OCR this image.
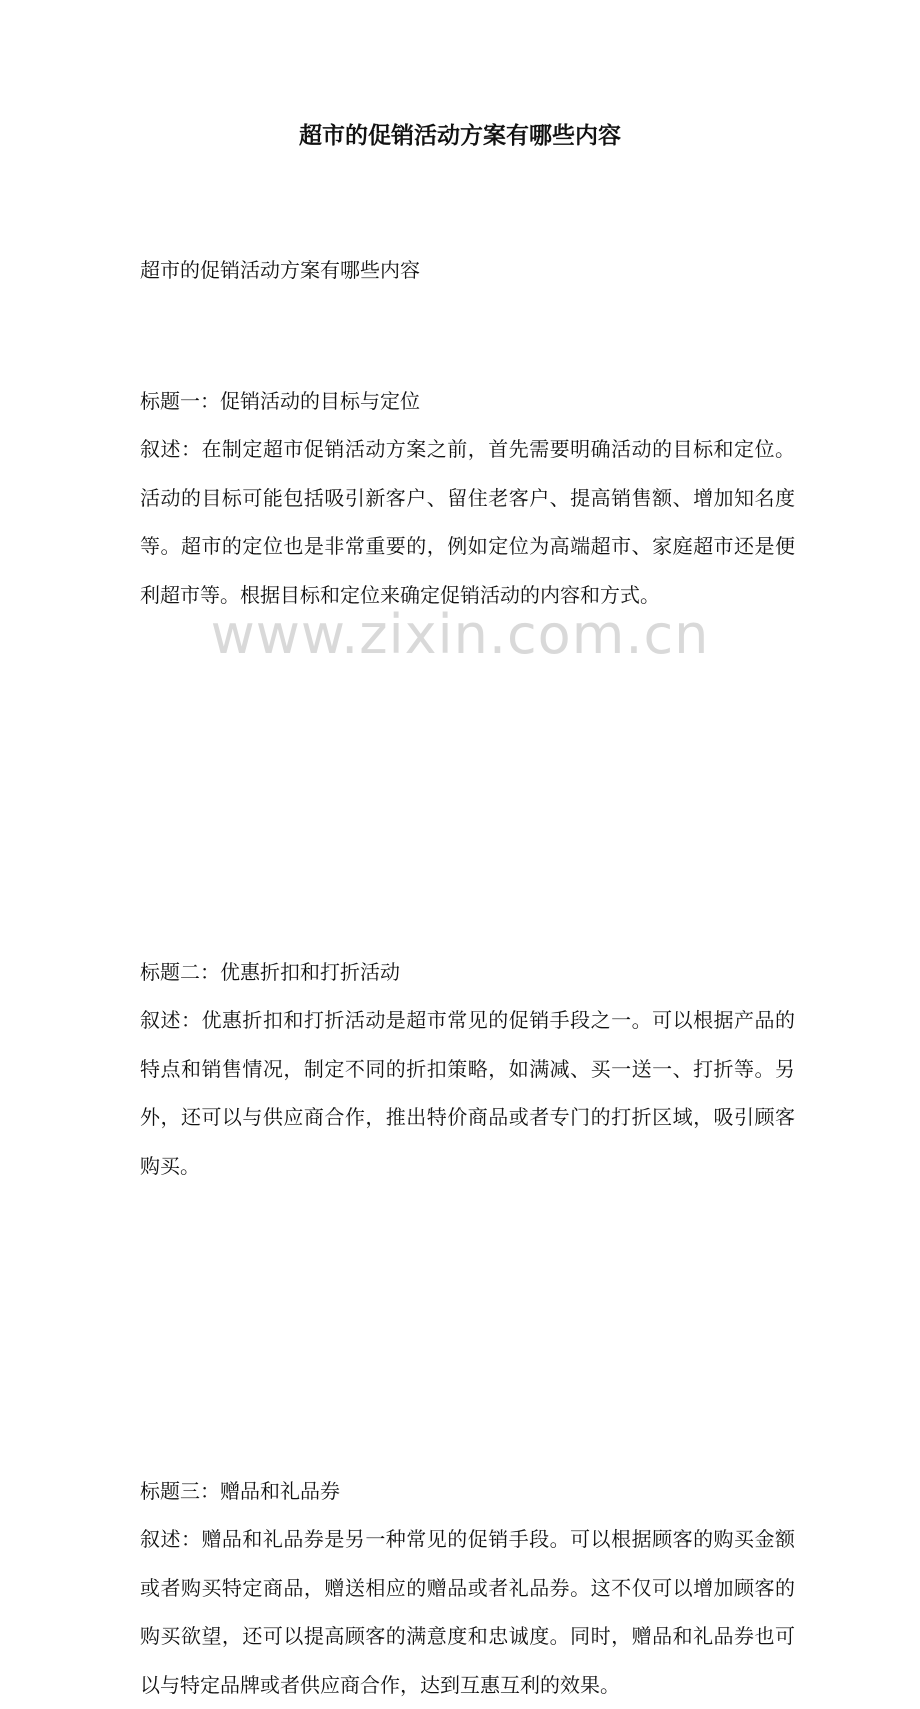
www.zixin.com.cn
超市的促销活动方案有哪些内容

超市的促销活动方案有哪些内容

标题一：促销活动的目标与定位

叙述：在制定超市促销活动方案之前，首先需要明确活动的目标和定位。活动的目标可能包括吸引新客户、留住老客户、提高销售额、增加知名度等。超市的定位也是非常重要的，例如定位为高端超市、家庭超市还是便利超市等。根据目标和定位来确定促销活动的内容和方式。

标题二：优惠折扣和打折活动

叙述：优惠折扣和打折活动是超市常见的促销手段之一。可以根据产品的特点和销售情况，制定不同的折扣策略，如满减、买一送一、打折等。另外，还可以与供应商合作，推出特价商品或者专门的打折区域，吸引顾客购买。

标题三：赠品和礼品券

叙述：赠品和礼品券是另一种常见的促销手段。可以根据顾客的购买金额或者购买特定商品，赠送相应的赠品或者礼品券。这不仅可以增加顾客的购买欲望，还可以提高顾客的满意度和忠诚度。同时，赠品和礼品券也可以与特定品牌或者供应商合作，达到互惠互利的效果。
